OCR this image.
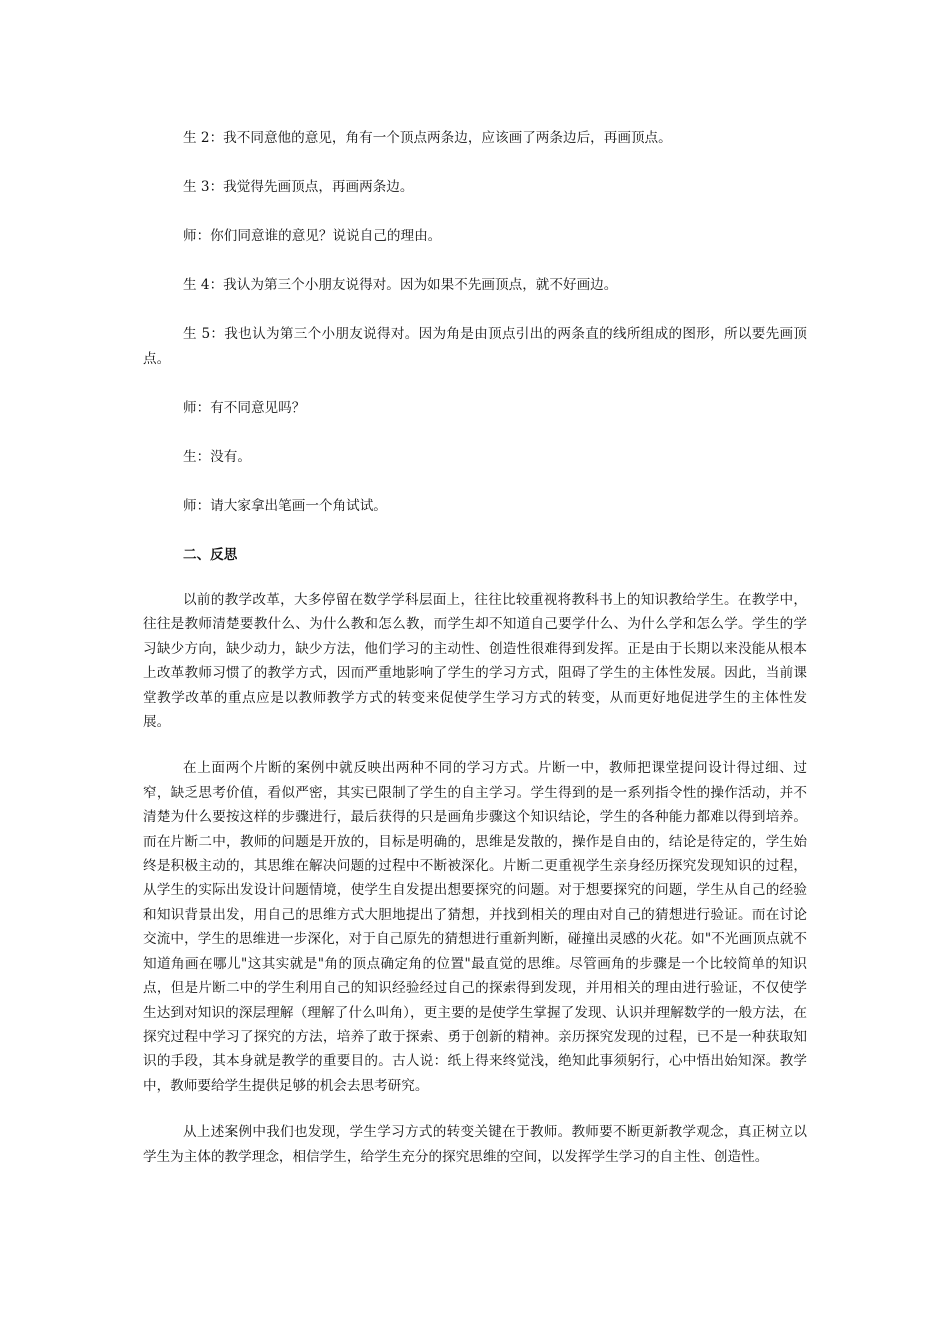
生 2：我不同意他的意见，角有一个顶点两条边，应该画了两条边后，再画顶点。

生 3：我觉得先画顶点，再画两条边。

师：你们同意谁的意见？说说自己的理由。

生 4：我认为第三个小朋友说得对。因为如果不先画顶点，就不好画边。

生 5：我也认为第三个小朋友说得对。因为角是由顶点引出的两条直的线所组成的图形，所以要先画顶点。

师：有不同意见吗？

生：没有。

师：请大家拿出笔画一个角试试。

二、反思

以前的教学改革，大多停留在数学学科层面上，往往比较重视将教科书上的知识教给学生。在教学中，往往是教师清楚要教什么、为什么教和怎么教，而学生却不知道自己要学什么、为什么学和怎么学。学生的学习缺少方向，缺少动力，缺少方法，他们学习的主动性、创造性很难得到发挥。正是由于长期以来没能从根本上改革教师习惯了的教学方式，因而严重地影响了学生的学习方式，阻碍了学生的主体性发展。因此，当前课堂教学改革的重点应是以教师教学方式的转变来促使学生学习方式的转变，从而更好地促进学生的主体性发展。

在上面两个片断的案例中就反映出两种不同的学习方式。片断一中，教师把课堂提问设计得过细、过窄，缺乏思考价值，看似严密，其实已限制了学生的自主学习。学生得到的是一系列指令性的操作活动，并不清楚为什么要按这样的步骤进行，最后获得的只是画角步骤这个知识结论，学生的各种能力都难以得到培养。而在片断二中，教师的问题是开放的，目标是明确的，思维是发散的，操作是自由的，结论是待定的，学生始终是积极主动的，其思维在解决问题的过程中不断被深化。片断二更重视学生亲身经历探究发现知识的过程，从学生的实际出发设计问题情境，使学生自发提出想要探究的问题。对于想要探究的问题，学生从自己的经验和知识背景出发，用自己的思维方式大胆地提出了猜想，并找到相关的理由对自己的猜想进行验证。而在讨论交流中，学生的思维进一步深化，对于自己原先的猜想进行重新判断，碰撞出灵感的火花。如"不光画顶点就不知道角画在哪儿"这其实就是"角的顶点确定角的位置"最直觉的思维。尽管画角的步骤是一个比较简单的知识点，但是片断二中的学生利用自己的知识经验经过自己的探索得到发现，并用相关的理由进行验证，不仅使学生达到对知识的深层理解（理解了什么叫角），更主要的是使学生掌握了发现、认识并理解数学的一般方法，在探究过程中学习了探究的方法，培养了敢于探索、勇于创新的精神。亲历探究发现的过程，已不是一种获取知识的手段，其本身就是教学的重要目的。古人说：纸上得来终觉浅，绝知此事须躬行，心中悟出始知深。教学中，教师要给学生提供足够的机会去思考研究。

从上述案例中我们也发现，学生学习方式的转变关键在于教师。教师要不断更新教学观念，真正树立以学生为主体的教学理念，相信学生，给学生充分的探究思维的空间，以发挥学生学习的自主性、创造性。
